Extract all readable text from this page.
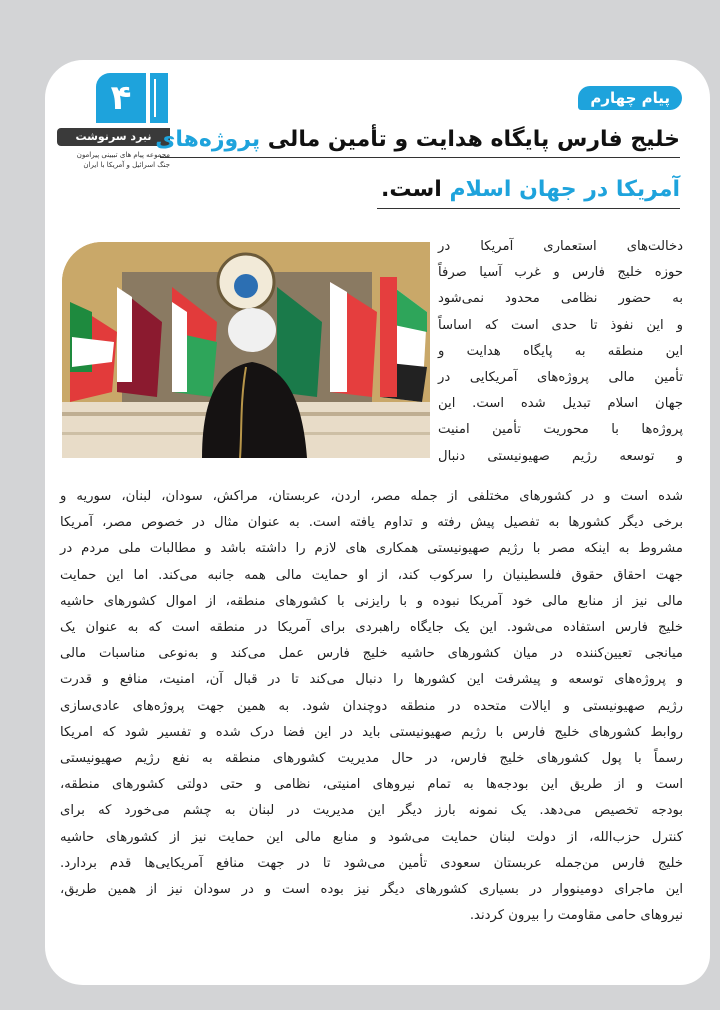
۴
نبرد سرنوشت
مجموعه پیام های تبیینی پیرامون
جنگ اسرائیل و آمریکا با ایران
پیام چهارم
خلیج فارس پایگاه هدایت و تأمین مالی پروژه‌های
آمریکا در جهان اسلام است.
دخالت‌های استعماری آمریکا در
حوزه خلیج فارس و غرب آسیا صرفاً
به حضور نظامی محدود نمی‌شود
و این نفوذ تا حدی است که اساساً
این منطقه به پایگاه هدایت و
تأمین مالی پروژه‌های آمریکایی در
جهان اسلام تبدیل شده است. این
پروژه‌ها با محوریت تأمین امنیت
و توسعه رژیم صهیونیستی دنبال
شده است و در کشورهای مختلفی از جمله مصر، اردن، عربستان، مراکش، سودان، لبنان، سوریه و
برخی دیگر کشورها به تفصیل پیش رفته و تداوم یافته است. به عنوان مثال در خصوص مصر، آمریکا
مشروط به اینکه مصر با رژیم صهیونیستی همکاری های لازم را داشته باشد و مطالبات ملی مردم در
جهت احقاق حقوق فلسطینیان را سرکوب کند، از او حمایت مالی همه جانبه می‌کند. اما این حمایت
مالی نیز از منابع مالی خود آمریکا نبوده و با رایزنی با کشورهای منطقه، از اموال کشورهای حاشیه
خلیج فارس استفاده می‌شود. این یک جایگاه راهبردی برای آمریکا در منطقه است که به عنوان یک
میانجی تعیین‌کننده در میان کشورهای حاشیه خلیج فارس عمل می‌کند و به‌نوعی مناسبات مالی
و پروژه‌های توسعه و پیشرفت این کشورها را دنبال می‌کند تا در قبال آن، امنیت، منافع و قدرت
رژیم صهیونیستی و ایالات متحده در منطقه دوچندان شود. به همین جهت پروژه‌های عادی‌سازی
روابط کشورهای خلیج فارس با رژیم صهیونیستی باید در این فضا درک شده و تفسیر شود که امریکا
رسماً با پول کشورهای خلیج فارس، در حال مدیریت کشورهای منطقه به نفع رژیم صهیونیستی
است و از طریق این بودجه‌ها به تمام نیروهای امنیتی، نظامی و حتی دولتی کشورهای منطقه،
بودجه تخصیص می‌دهد. یک نمونه بارز دیگر این مدیریت در لبنان به چشم می‌خورد که برای
کنترل حزب‌الله، از دولت لبنان حمایت می‌شود و منابع مالی این حمایت نیز از کشورهای حاشیه
خلیج فارس من‌جمله عربستان سعودی تأمین می‌شود تا در جهت منافع آمریکایی‌ها قدم بردارد.
این ماجرای دومینووار در بسیاری کشورهای دیگر نیز بوده است و در سودان نیز از همین طریق،
نیروهای حامی مقاومت را بیرون کردند.
